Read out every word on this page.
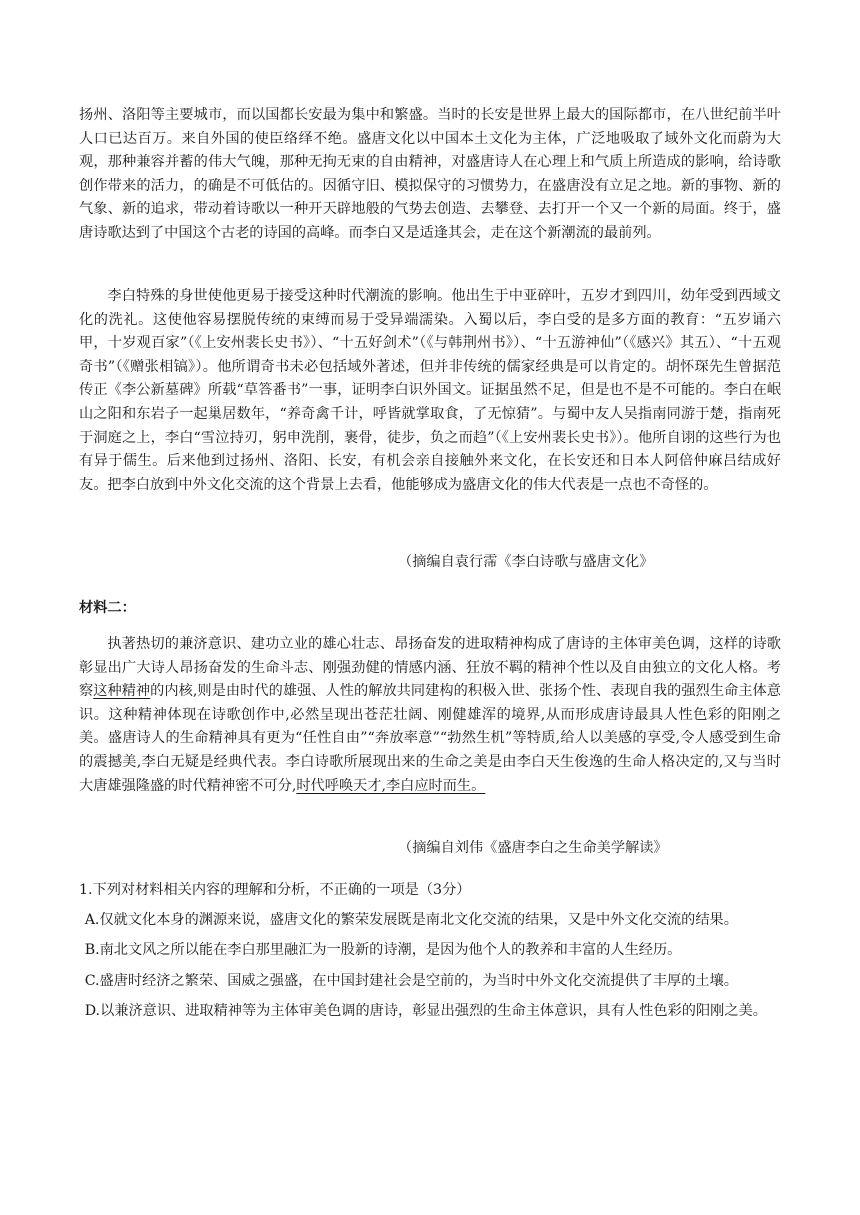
扬州、洛阳等主要城市，而以国都长安最为集中和繁盛。当时的长安是世界上最大的国际都市，在八世纪前半叶人口已达百万。来自外国的使臣络绎不绝。盛唐文化以中国本土文化为主体，广泛地吸取了域外文化而蔚为大观，那种兼容并蓄的伟大气魄，那种无拘无束的自由精神，对盛唐诗人在心理上和气质上所造成的影响，给诗歌创作带来的活力，的确是不可低估的。因循守旧、模拟保守的习惯势力，在盛唐没有立足之地。新的事物、新的气象、新的追求，带动着诗歌以一种开天辟地般的气势去创造、去攀登、去打开一个又一个新的局面。终于，盛唐诗歌达到了中国这个古老的诗国的高峰。而李白又是适逢其会，走在这个新潮流的最前列。

李白特殊的身世使他更易于接受这种时代潮流的影响。他出生于中亚碎叶，五岁才到四川，幼年受到西域文化的洗礼。这使他容易摆脱传统的束缚而易于受异端濡染。入蜀以后，李白受的是多方面的教育：“五岁诵六甲，十岁观百家”（《上安州裴长史书》）、“十五好剑术”（《与韩荆州书》）、“十五游神仙”（《感兴》其五）、“十五观奇书”（《赠张相镐》）。他所谓奇书未必包括域外著述，但并非传统的儒家经典是可以肯定的。胡怀琛先生曾据范传正《李公新墓碑》所载“草答番书”一事，证明李白识外国文。证据虽然不足，但是也不是不可能的。李白在岷山之阳和东岩子一起巢居数年，“养奇禽千计，呼皆就掌取食，了无惊猜”。与蜀中友人吴指南同游于楚，指南死于洞庭之上，李白“雪泣持刃，躬申洗削，裹骨，徒步，负之而趋”（《上安州裴长史书》）。他所自诩的这些行为也有异于儒生。后来他到过扬州、洛阳、长安，有机会亲自接触外来文化，在长安还和日本人阿倍仲麻吕结成好友。把李白放到中外文化交流的这个背景上去看，他能够成为盛唐文化的伟大代表是一点也不奇怪的。

（摘编自袁行霈《李白诗歌与盛唐文化》
材料二：

执著热切的兼济意识、建功立业的雄心壮志、昂扬奋发的进取精神构成了唐诗的主体审美色调，这样的诗歌彰显出广大诗人昂扬奋发的生命斗志、刚强劲健的情感内涵、狂放不羁的精神个性以及自由独立的文化人格。考察这种精神的内核,则是由时代的雄强、人性的解放共同建构的积极入世、张扬个性、表现自我的强烈生命主体意识。这种精神体现在诗歌创作中,必然呈现出苍茫壮阔、刚健雄浑的境界,从而形成唐诗最具人性色彩的阳刚之美。盛唐诗人的生命精神具有更为“任性自由”“奔放率意”“勃然生机”等特质,给人以美感的享受,令人感受到生命的震撼美,李白无疑是经典代表。李白诗歌所展现出来的生命之美是由李白天生俊逸的生命人格决定的,又与当时大唐雄强隆盛的时代精神密不可分,时代呼唤天才,李白应时而生。

（摘编自刘伟《盛唐李白之生命美学解读》

1.下列对材料相关内容的理解和分析，不正确的一项是（3分）

A.仅就文化本身的渊源来说，盛唐文化的繁荣发展既是南北文化交流的结果，又是中外文化交流的结果。

B.南北文风之所以能在李白那里融汇为一股新的诗潮，是因为他个人的教养和丰富的人生经历。

C.盛唐时经济之繁荣、国威之强盛，在中国封建社会是空前的，为当时中外文化交流提供了丰厚的土壤。

D.以兼济意识、进取精神等为主体审美色调的唐诗，彰显出强烈的生命主体意识，具有人性色彩的阳刚之美。
